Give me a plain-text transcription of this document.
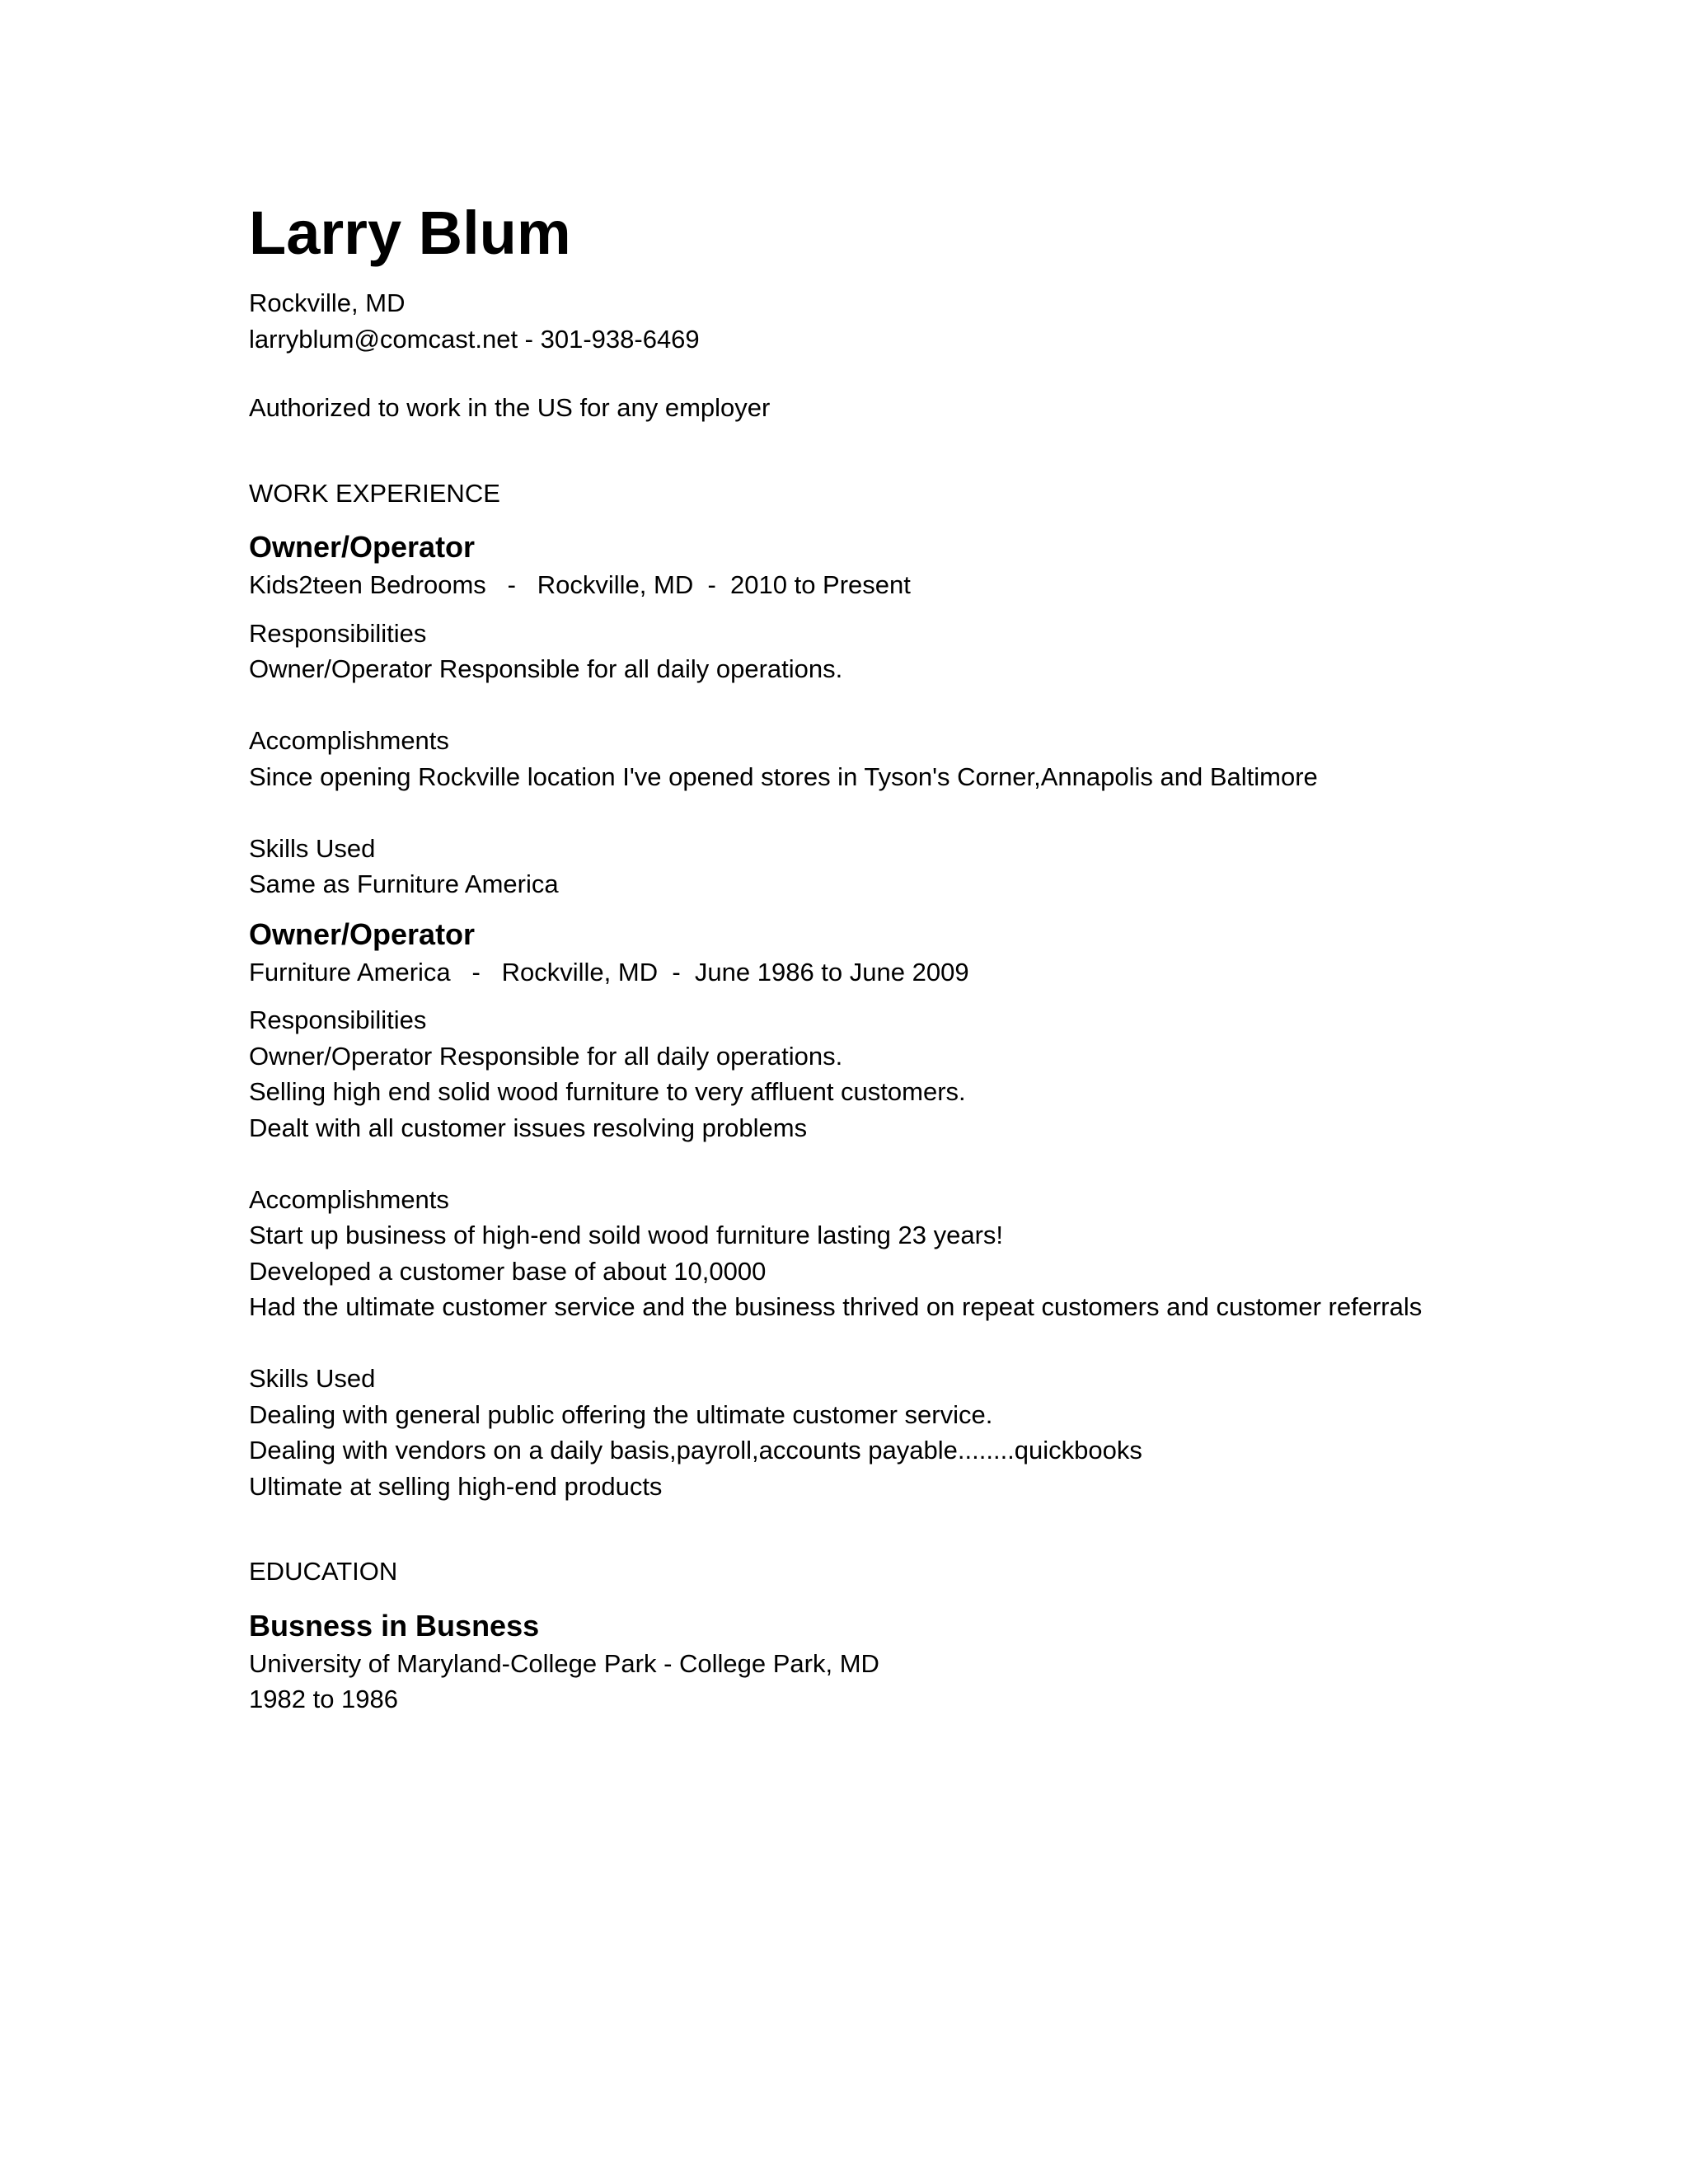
Larry Blum
Rockville, MD
larryblum@comcast.net - 301-938-6469
Authorized to work in the US for any employer
WORK EXPERIENCE
Owner/Operator
Kids2teen Bedrooms   -   Rockville, MD  -  2010 to Present
Responsibilities
Owner/Operator Responsible for all daily operations.
Accomplishments
Since opening Rockville location I've opened stores in Tyson's Corner,Annapolis and Baltimore
Skills Used
Same as Furniture America
Owner/Operator
Furniture America   -   Rockville, MD  -  June 1986 to June 2009
Responsibilities
Owner/Operator Responsible for all daily operations.
Selling high end solid wood furniture to very affluent customers.
Dealt with all customer issues resolving problems
Accomplishments
Start up business of high-end soild wood furniture lasting 23 years!
Developed a customer base of about 10,0000
Had the ultimate customer service and the business thrived on repeat customers and customer referrals
Skills Used
Dealing with general public offering the ultimate customer service.
Dealing with vendors on a daily basis,payroll,accounts payable........quickbooks
Ultimate at selling high-end products
EDUCATION
Busness in Busness
University of Maryland-College Park - College Park, MD
1982 to 1986
